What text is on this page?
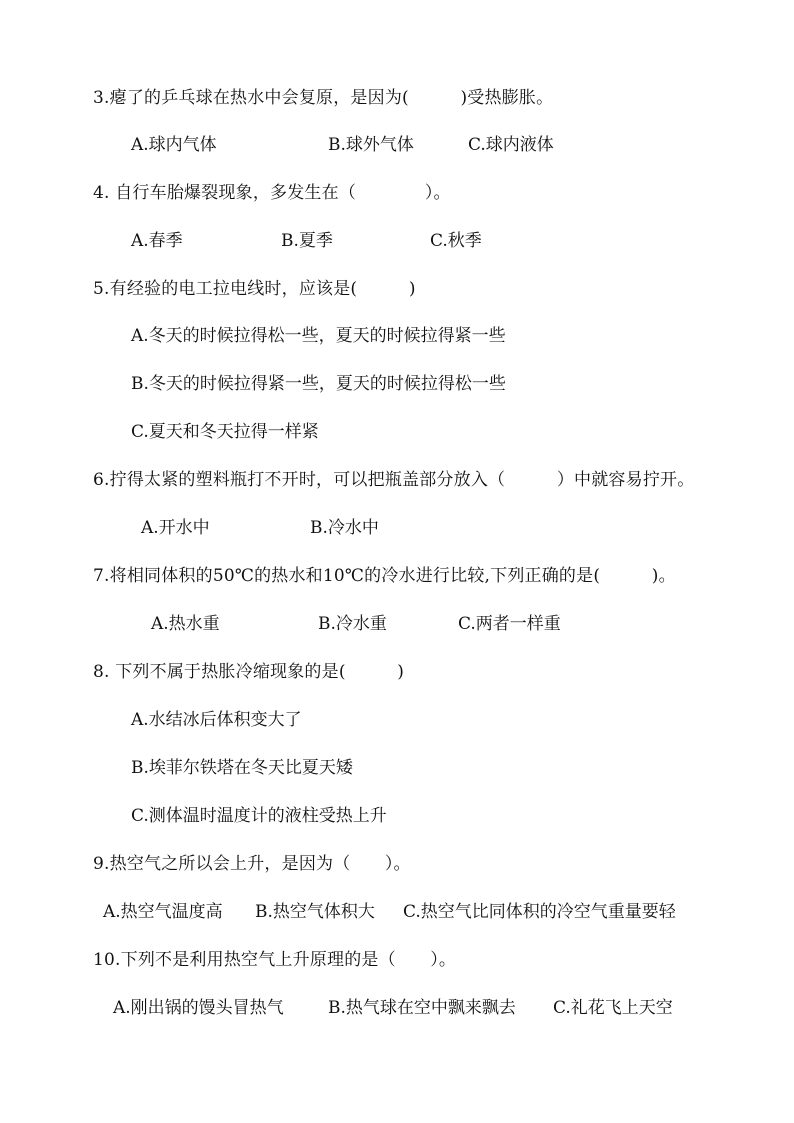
3.瘪了的乒乓球在热水中会复原，是因为(　　　)受热膨胀。
A.球内气体	B.球外气体	C.球内液体
4. 自行车胎爆裂现象，多发生在（　　　　）。
A.春季	B.夏季	C.秋季
5.有经验的电工拉电线时，应该是(　　　)
A.冬天的时候拉得松一些，夏天的时候拉得紧一些
B.冬天的时候拉得紧一些，夏天的时候拉得松一些
C.夏天和冬天拉得一样紧
6.拧得太紧的塑料瓶打不开时，可以把瓶盖部分放入（　　　）中就容易拧开。
A.开水中	B.冷水中
7.将相同体积的50℃的热水和10℃的冷水进行比较,下列正确的是(　　　)。
A.热水重	B.冷水重	C.两者一样重
8. 下列不属于热胀冷缩现象的是(　　　)
A.水结冰后体积变大了
B.埃菲尔铁塔在冬天比夏天矮
C.测体温时温度计的液柱受热上升
9.热空气之所以会上升，是因为（　　）。
A.热空气温度高 B.热空气体积大 C.热空气比同体积的冷空气重量要轻
10.下列不是利用热空气上升原理的是（　　）。
A.刚出锅的馒头冒热气	B.热气球在空中飘来飘去 C.礼花飞上天空
